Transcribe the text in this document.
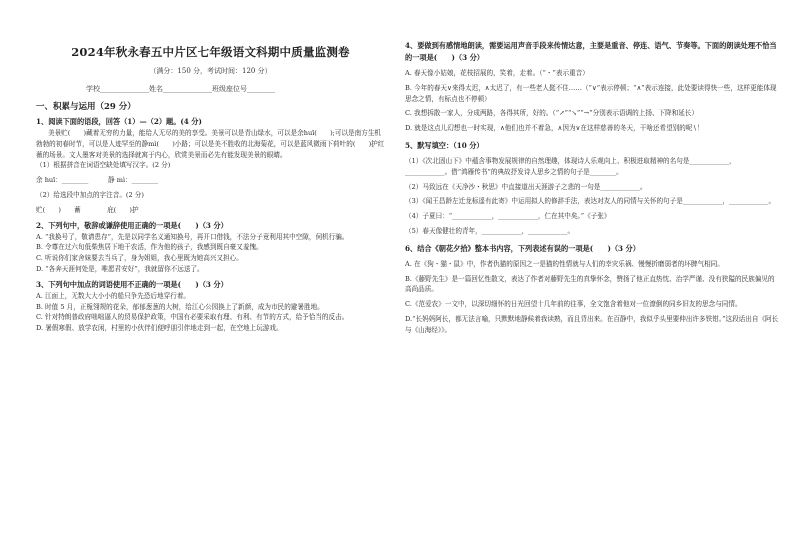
2024年秋永春五中片区七年级语文科期中质量监测卷
（满分：150 分，考试时间：120 分）
学校______________姓名______________班级座位号________
一、积累与运用（29 分）
1、阅读下面的语段，回答（1）—（2）题。(4 分)
美景贮(　　)藏着无穷的力量，能给人无尽的美的享受。美景可以是青山绿水，可以是余huī(　　);可以是南方生机勃勃的初春时节，可以是人迹罕至的静mì(　　)小路；可以是美不胜收的北海菊花，可以是蓝风微雨下荷叶的(　　)护红薇的场景。文人墨客对美景的选择就寓于内心，欣赏美景而必先有能发现美景的眼睛。
（1）根据拼音在词语空缺处填写汉字。(2 分)
余 huī：________　　　静 mì：________
（2）给选段中加点的字注音。(2 分)
贮(　　)　　蓄　　　　庇(　　)护
2、下列句中，敬辞或谦辞使用正确的一项是(　　)（3 分）
A. “我换号了，敬请患存”，先是以同学名义通知换号，再开口借钱，不法分子竟利用其中空隙，伺机行骗。
B. 令尊在过六旬低柴焦居下地干农活，作为他的孩子，我感到既自豪又羞愧。
C. 听说你们家舍妹要去当兵了，身为姐姐，我心里既为她高兴又担心。
D. “各奔天涯何处是，唯愿君安好”，我就留你不远送了。
3、下列句中加点的词语使用不正确的一项是(　　)（3 分）
A. 江面上，无数大大小小的船只争先恐后地穿行着。
B. 时值 5 月，正栀翎规的花朵，郁郁葱葱的大树，给江心公园换上了新颜，成为市民的避暑胜地。
C. 针对特朗普政府咄咄逼人的贸易保护政策，中国有必要采取有理、有利、有节的方式，给予恰当的反击。
D. 暑假寒假、放学农闲，村里的小伙伴们便呼朋引伴地走到一起，在空地上玩游戏。
4、要做到有感情地朗读，需要运用声音手段来传情达意，主要是重音、停连、语气、节奏等。下面的朗读处理不恰当的一项是(　　)（3 分）
A. 春天像小姑娘，花枝招展的，笑着，走着。（“・”表示重音）
B. 今年的春天∨来得太迟，∧太迟了，有一些老人挺不住……（“∨”表示停顿；“∧”表示连接，此处要读得快一些，这样更能体现思念之情，有标点也不停顿）
C. 我想拆散一家人，分成两路，各得其所，好的。（“↗”“↘”“→”分别表示语调的上扬、下降和延长）
D. 就是这点儿幻想也一时实现，∧他们也并不着急，∧因为∨在这样慈善的冬天，干啥还希望别的呢∖！
5、默写填空：（10 分）
（1）《次北固山下》中蕴含事物发展规律的自然理趣，体现诗人乐观向上、积极进取精神的名句是____________，____________。借“鸿雁传书”的典故抒发诗人思乡之情的句子是________。
（2）马致远在《天净沙・秋思》中直接道出天涯游子之悲的一句是____________。
（3）《闻王昌龄左迁龙标遥有此寄》中运用拟人的修辞手法，表达对友人的同情与关怀的句子是____________，____________。
（4）子夏曰：“____________，____________，仁在其中矣。”《子张》
（5）春天像健壮的青年，____________，____________。
6、结合《朝花夕拾》整本书内容，下列表述有误的一项是(　　)（3 分）
A. 在《狗・猫・鼠》中，作者仇猫的原因之一是猫的性情就与人们的幸灾乐祸、慢慢折磨弱者的坏脾气相同。
B.《藤野先生》是一篇回忆性散文，表达了作者对藤野先生的真挚怀念，赞扬了他正直热忱、治学严谨、没有狭隘的民族偏见的高尚品质。
C.《范爱农》一文中，以深切细怀的日光回望十几年前的往事，全文饱含着他对一位潦倒的同乡旧友的思念与同情。
D.“长妈妈阿长，都无法言喻，只默默地静候着我读熟，而且背出来。在百静中，我似乎头里要伸出许多铁钳。”这段话出自《阿长与《山海经》》。
